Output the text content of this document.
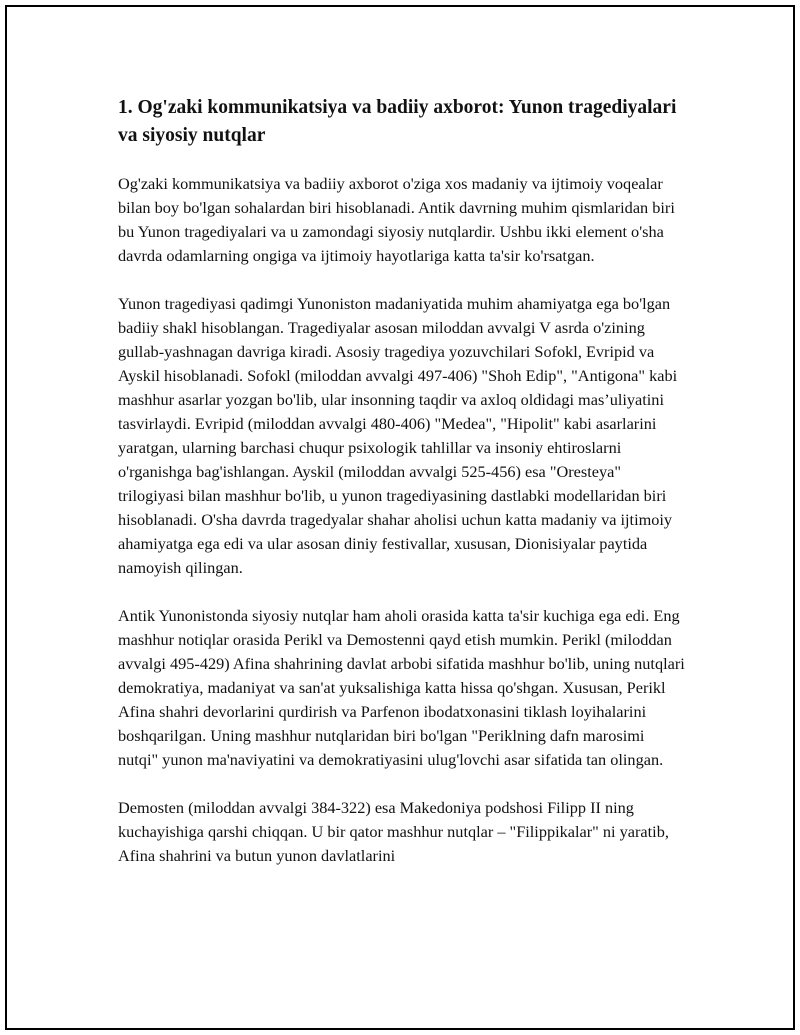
1. Og'zaki kommunikatsiya va badiiy axborot: Yunon tragediyalari va siyosiy nutqlar

Og'zaki kommunikatsiya va badiiy axborot o'ziga xos madaniy va ijtimoiy voqealar bilan boy bo'lgan sohalardan biri hisoblanadi. Antik davrning muhim qismlaridan biri bu Yunon tragediyalari va u zamondagi siyosiy nutqlardir. Ushbu ikki element o'sha davrda odamlarning ongiga va ijtimoiy hayotlariga katta ta'sir ko'rsatgan.

Yunon tragediyasi qadimgi Yunoniston madaniyatida muhim ahamiyatga ega bo'lgan badiiy shakl hisoblangan. Tragediyalar asosan miloddan avvalgi V asrda o'zining gullab-yashnagan davriga kiradi. Asosiy tragediya yozuvchilari Sofokl, Evripid va Ayskil hisoblanadi. Sofokl (miloddan avvalgi 497-406) "Shoh Edip", "Antigona" kabi mashhur asarlar yozgan bo'lib, ular insonning taqdir va axloq oldidagi mas’uliyatini tasvirlaydi. Evripid (miloddan avvalgi 480-406) "Medea", "Hipolit" kabi asarlarini yaratgan, ularning barchasi chuqur psixologik tahlillar va insoniy ehtiroslarni o'rganishga bag'ishlangan. Ayskil (miloddan avvalgi 525-456) esa "Oresteya" trilogiyasi bilan mashhur bo'lib, u yunon tragediyasining dastlabki modellaridan biri hisoblanadi. O'sha davrda tragedyalar shahar aholisi uchun katta madaniy va ijtimoiy ahamiyatga ega edi va ular asosan diniy festivallar, xususan, Dionisiyalar paytida namoyish qilingan.

Antik Yunonistonda siyosiy nutqlar ham aholi orasida katta ta'sir kuchiga ega edi. Eng mashhur notiqlar orasida Perikl va Demostenni qayd etish mumkin. Perikl (miloddan avvalgi 495-429) Afina shahrining davlat arbobi sifatida mashhur bo'lib, uning nutqlari demokratiya, madaniyat va san'at yuksalishiga katta hissa qo'shgan. Xususan, Perikl Afina shahri devorlarini qurdirish va Parfenon ibodatxonasini tiklash loyihalarini boshqarilgan. Uning mashhur nutqlaridan biri bo'lgan "Periklning dafn marosimi nutqi" yunon ma'naviyatini va demokratiyasini ulug'lovchi asar sifatida tan olingan.

Demosten (miloddan avvalgi 384-322) esa Makedoniya podshosi Filipp II ning kuchayishiga qarshi chiqqan. U bir qator mashhur nutqlar – "Filippikalar" ni yaratib, Afina shahrini va butun yunon davlatlarini
